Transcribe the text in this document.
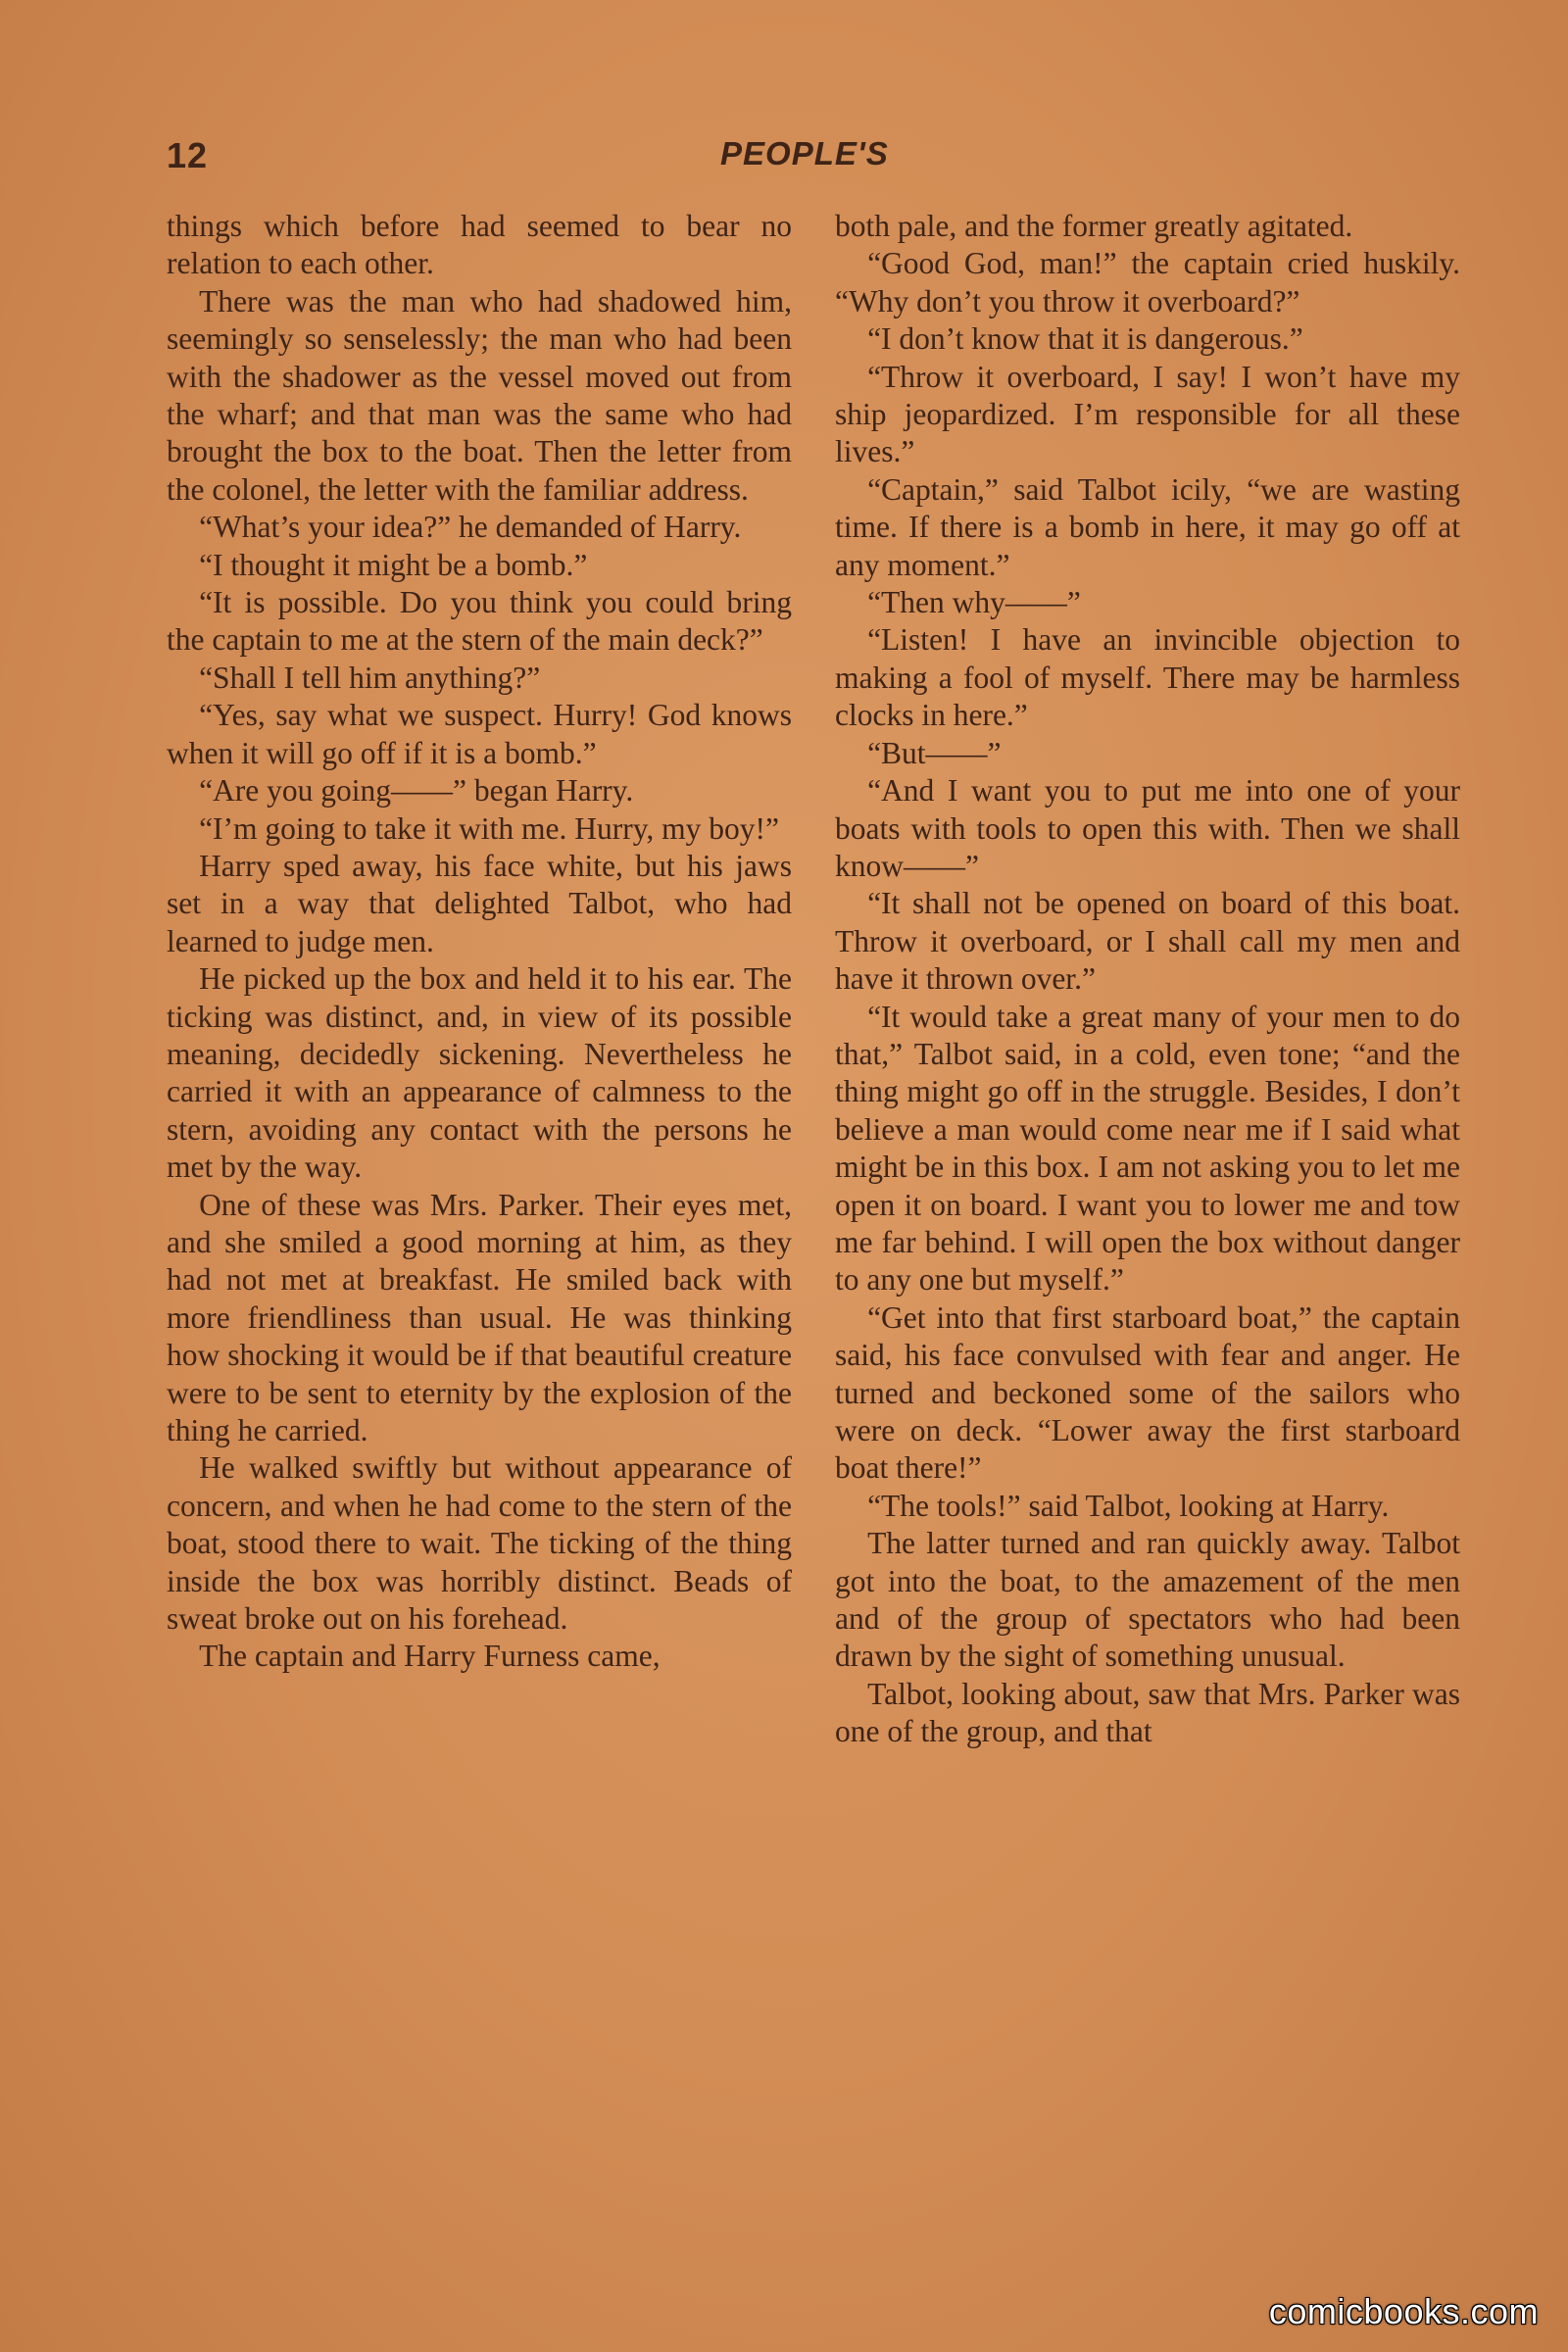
12	PEOPLE'S

things which before had seemed to bear no relation to each other.

There was the man who had shadowed him, seemingly so senselessly; the man who had been with the shadower as the vessel moved out from the wharf; and that man was the same who had brought the box to the boat. Then the letter from the colonel, the letter with the familiar address.

“What’s your idea?” he demanded of Harry.

“I thought it might be a bomb.”

“It is possible. Do you think you could bring the captain to me at the stern of the main deck?”

“Shall I tell him anything?”

“Yes, say what we suspect. Hurry! God knows when it will go off if it is a bomb.”

“Are you going——” began Harry.

“I’m going to take it with me. Hurry, my boy!”

Harry sped away, his face white, but his jaws set in a way that delighted Talbot, who had learned to judge men.

He picked up the box and held it to his ear. The ticking was distinct, and, in view of its possible meaning, decidedly sickening. Nevertheless he carried it with an appearance of calmness to the stern, avoiding any contact with the persons he met by the way.

One of these was Mrs. Parker. Their eyes met, and she smiled a good morning at him, as they had not met at breakfast. He smiled back with more friendliness than usual. He was thinking how shocking it would be if that beautiful creature were to be sent to eternity by the explosion of the thing he carried.

He walked swiftly but without appearance of concern, and when he had come to the stern of the boat, stood there to wait. The ticking of the thing inside the box was horribly distinct. Beads of sweat broke out on his forehead.

The captain and Harry Furness came,

both pale, and the former greatly agitated.

“Good God, man!” the captain cried huskily. “Why don’t you throw it overboard?”

“I don’t know that it is dangerous.”

“Throw it overboard, I say! I won’t have my ship jeopardized. I’m responsible for all these lives.”

“Captain,” said Talbot icily, “we are wasting time. If there is a bomb in here, it may go off at any moment.”

“Then why——”

“Listen! I have an invincible objection to making a fool of myself. There may be harmless clocks in here.”

“But——”

“And I want you to put me into one of your boats with tools to open this with. Then we shall know——”

“It shall not be opened on board of this boat. Throw it overboard, or I shall call my men and have it thrown over.”

“It would take a great many of your men to do that,” Talbot said, in a cold, even tone; “and the thing might go off in the struggle. Besides, I don’t believe a man would come near me if I said what might be in this box. I am not asking you to let me open it on board. I want you to lower me and tow me far behind. I will open the box without danger to any one but myself.”

“Get into that first starboard boat,” the captain said, his face convulsed with fear and anger. He turned and beckoned some of the sailors who were on deck. “Lower away the first starboard boat there!”

“The tools!” said Talbot, looking at Harry.

The latter turned and ran quickly away. Talbot got into the boat, to the amazement of the men and of the group of spectators who had been drawn by the sight of something unusual.

Talbot, looking about, saw that Mrs. Parker was one of the group, and that

comicbooks.com
